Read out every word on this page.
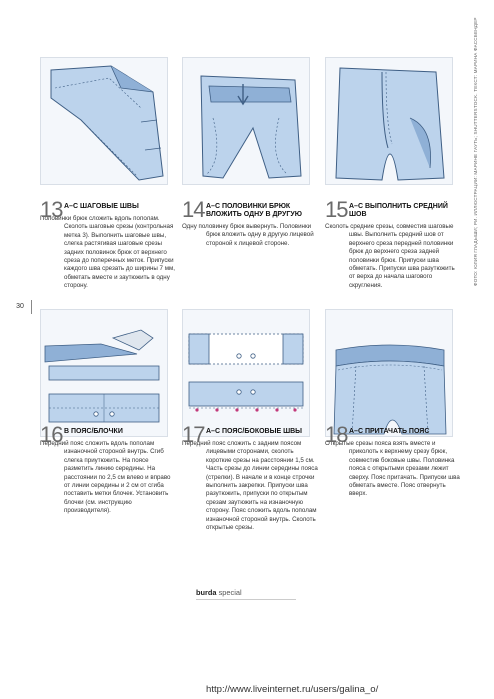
13 А–С ШАГОВЫЕ ШВЫ
Половинки брюк сложить вдоль пополам. Сколоть шаговые срезы (контрольная метка 3). Выполнить шаговые швы, слегка растягивая шаговые срезы задних половинок брюк от верхнего среза до поперечных меток. Припуски каждого шва срезать до ширины 7 мм, обметать вместе и заутюжить в одну сторону.
14 А–С ПОЛОВИНКИ БРЮК ВЛОЖИТЬ ОДНУ В ДРУГУЮ
Одну половинку брюк вывернуть. Половинки брюк вложить одну в другую лицевой стороной к лицевой стороне.
15 А–С ВЫПОЛНИТЬ СРЕДНИЙ ШОВ
Сколоть средние срезы, совместив шаговые швы. Выполнить средний шов от верхнего среза передней половинки брюк до верхнего среза задней половинки брюк. Припуски шва обметать. Припуски шва разутюжить от верха до начала шагового скругления.
16 В ПОЯС/БЛОЧКИ
Передний пояс сложить вдоль пополам изнаночной стороной внутрь. Сгиб слегка приутюжить. На поясе разметить линию середины. На расстоянии по 2,5 см влево и вправо от линии середины и 2 см от сгиба поставить метки блочек. Установить блочки (см. инструкцию производителя).
17 А–С ПОЯС/БОКОВЫЕ ШВЫ
Передний пояс сложить с задним поясом лицевыми сторонами, сколоть короткие срезы на расстоянии 1,5 см. Часть срезы до линии середины пояса (стрелки). В начале и в конце строчки выполнить закрепки. Припуски шва разутюжить, припуски по открытым срезам заутюжить на изнаночную сторону. Пояс сложить вдоль пополам изнаночной стороной внутрь. Сколоть открытые срезы.
18 А–С ПРИТАЧАТЬ ПОЯС
Открытые срезы пояса взять вместе и приколоть к верхнему срезу брюк, совместив боковые швы. Половинка пояса с открытыми срезами лежит сверху. Пояс притачать. Припуски шва обметать вместе. Пояс отвернуть вверх.
30
ФОТО: ЮЛИЯ ГЛАДЫШИ; РИ. ИЛЛЮСТРАЦИИ: МАРИНЕ ГАУТЬ; SHUTTERSTOCK. ТЕКСТ: МАРИНА ФАССБЕНДЕР
burda special
http://www.liveinternet.ru/users/galina_o/
